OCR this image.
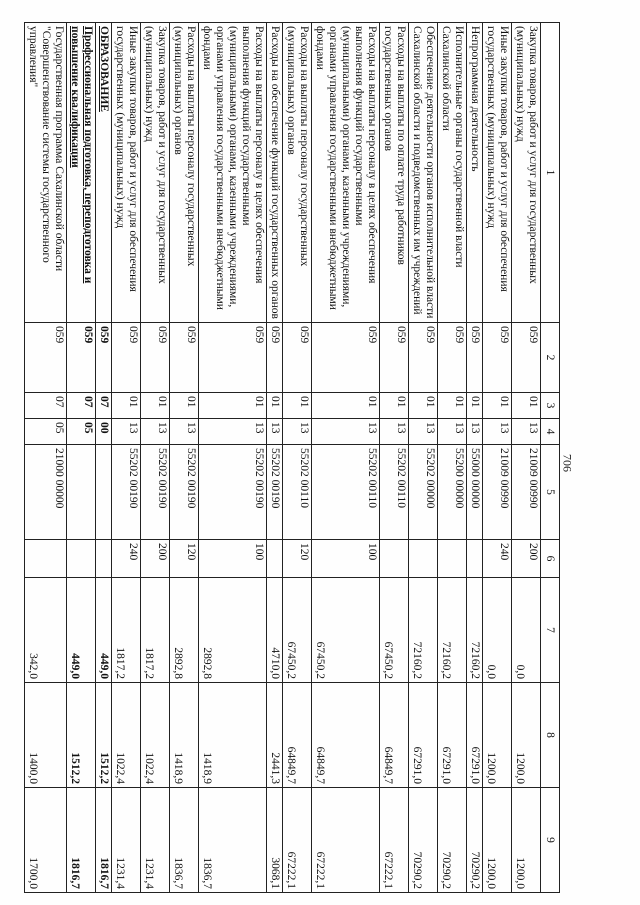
706
1	2	3	4	5	6	7	8	9
Закупка товаров, работ и услуг для государственных (муниципальных) нужд	059	01	13	21009 00990	200	0,0	1200,0	1200,0
Иные закупки товаров, работ и услуг для обеспечения государственных (муниципальных) нужд	059	01	13	21009 00990	240	0,0	1200,0	1200,0
Непрограммная деятельность	059	01	13	55000 00000		72160,2	67291,0	70290,2
Исполнительные органы государственной власти Сахалинской области	059	01	13	55200 00000		72160,2	67291,0	70290,2
Обеспечение деятельности органов исполнительной власти Сахалинской области и подведомственных им учреждений	059	01	13	55202 00000		72160,2	67291,0	70290,2
Расходы на выплаты по оплате труда работников государственных органов	059	01	13	55202 00110		67450,2	64849,7	67222,1
Расходы на выплаты персоналу в целях обеспечения выполнения функций государственными (муниципальными) органами, казенными учреждениями, органами управления государственными внебюджетными фондами	059	01	13	55202 00110	100	67450,2	64849,7	67222,1
Расходы на выплаты персоналу государственных (муниципальных) органов	059	01	13	55202 00110	120	67450,2	64849,7	67222,1
Расходы на обеспечение функций государственных органов	059	01	13	55202 00190		4710,0	2441,3	3068,1
Расходы на выплаты персоналу в целях обеспечения выполнения функций государственными (муниципальными) органами, казенными учреждениями, органами управления государственными внебюджетными фондами	059	01	13	55202 00190	100	2892,8	1418,9	1836,7
Расходы на выплаты персоналу государственных (муниципальных) органов	059	01	13	55202 00190	120	2892,8	1418,9	1836,7
Закупка товаров, работ и услуг для государственных (муниципальных) нужд	059	01	13	55202 00190	200	1817,2	1022,4	1231,4
Иные закупки товаров, работ и услуг для обеспечения государственных (муниципальных) нужд	059	01	13	55202 00190	240	1817,2	1022,4	1231,4
ОБРАЗОВАНИЕ	059	07	00			449,0	1512,2	1816,7
Профессиональная подготовка, переподготовка и повышение квалификации	059	07	05			449,0	1512,2	1816,7
Государственная программа Сахалинской области "Совершенствование системы государственного управления"	059	07	05	21000 00000		342,0	1400,0	1700,0
